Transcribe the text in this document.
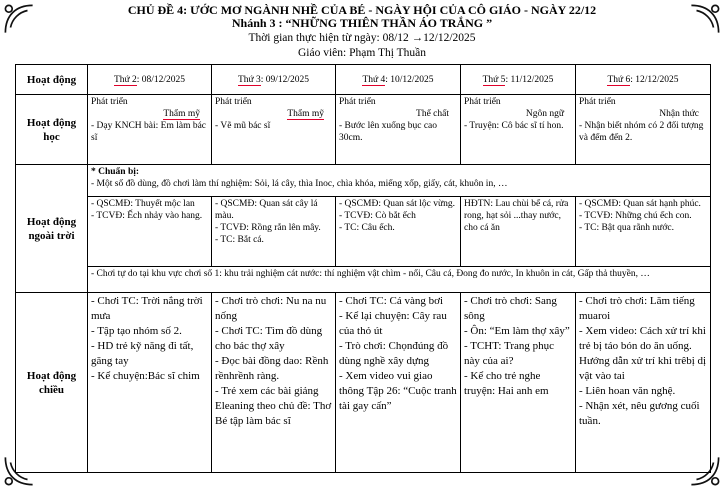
CHỦ ĐỀ 4: ƯỚC MƠ NGÀNH NHỀ CỦA BÉ - NGÀY HỘI CỦA CÔ GIÁO - NGÀY 22/12
Nhánh 3 : “NHỮNG THIÊN THẦN ÁO TRẮNG ”
Thời gian thực hiện từ ngày: 08/12 →12/12/2025
Giáo viên: Phạm Thị Thuần
Hoạt động	Thứ 2: 08/12/2025	Thứ 3: 09/12/2025	Thứ 4: 10/12/2025	Thứ 5: 11/12/2025	Thứ 6: 12/12/2025
Hoạt động học	Phát triển
Thẩm mỹ
- Dạy KNCH bài: Em làm bác sĩ	Phát triển
Thẩm mỹ
- Vẽ mũ bác sĩ	Phát triển
Thể chất
- Bước lên xuống bục cao 30cm.	Phát triển
Ngôn ngữ
- Truyện: Cô bác sĩ tí hon.	Phát triển
Nhận thức
- Nhận biết nhóm có 2 đối tượng và đếm đến 2.
Hoạt động ngoài trời	* Chuẩn bị:
- Một số đồ dùng, đồ chơi làm thí nghiệm: Sỏi, lá cây, thìa Inoc, chìa khóa, miếng xốp, giấy, cát, khuôn in, …				
	- QSCMĐ: Thuyết mộc lan
- TCVĐ: Ếch nhảy vào hang.	- QSCMĐ: Quan sát cây lá màu.
- TCVĐ: Rồng rắn lên mây.
- TC: Bắt cá.	- QSCMĐ: Quan sát lộc vừng.
- TCVĐ: Cò bắt ếch
- TC: Câu ếch.	HĐTN: Lau chùi bể cá, rửa rong, hạt sỏi ...thay nước, cho cá ăn	- QSCMĐ: Quan sát hạnh phúc.
- TCVĐ: Những chú ếch con.
- TC: Bật qua rãnh nước.
	- Chơi tự do tại khu vực chơi số 1: khu trải nghiệm cát nước: thí nghiệm vật chìm - nổi, Câu cá, Đong đo nước, In khuôn in cát, Gấp thả thuyền, …				
Hoạt động chiều	- Chơi TC: Trời nắng trời mưa
- Tập tạo nhóm số 2.
- HD trẻ kỹ năng đi tất, găng tay
- Kể chuyện:Bác sĩ chim	- Chơi trò chơi: Nu na nu nống
- Chơi TC: Tìm đồ dùng cho bác thợ xây
- Đọc bài đồng dao: Rềnh rềnhrềnh ràng.
- Trẻ xem các bài giảng Eleaning theo chủ đề: Thơ Bé tập làm bác sĩ	- Chơi TC: Cá vàng bơi
- Kể lại chuyện: Cây rau của thỏ út
- Trò chơi: Chọnđúng đồ dùng nghề xây dựng
- Xem video vui giao thông Tập 26: “Cuộc tranh tài gay cấn”	- Chơi trò chơi: Sang sông
- Ôn: “Em làm thợ xây”
- TCHT: Trang phục này của ai?
- Kể cho trẻ nghe truyện: Hai anh em	- Chơi trò chơi: Lăm tiếng muaroi
- Xem video: Cách xử trí khi trẻ bị táo bón do ăn uống. Hướng dẫn xử trí khi trêbị dị vật vào tai
- Liên hoan văn nghệ.
- Nhận xét, nêu gương cuối tuần.
